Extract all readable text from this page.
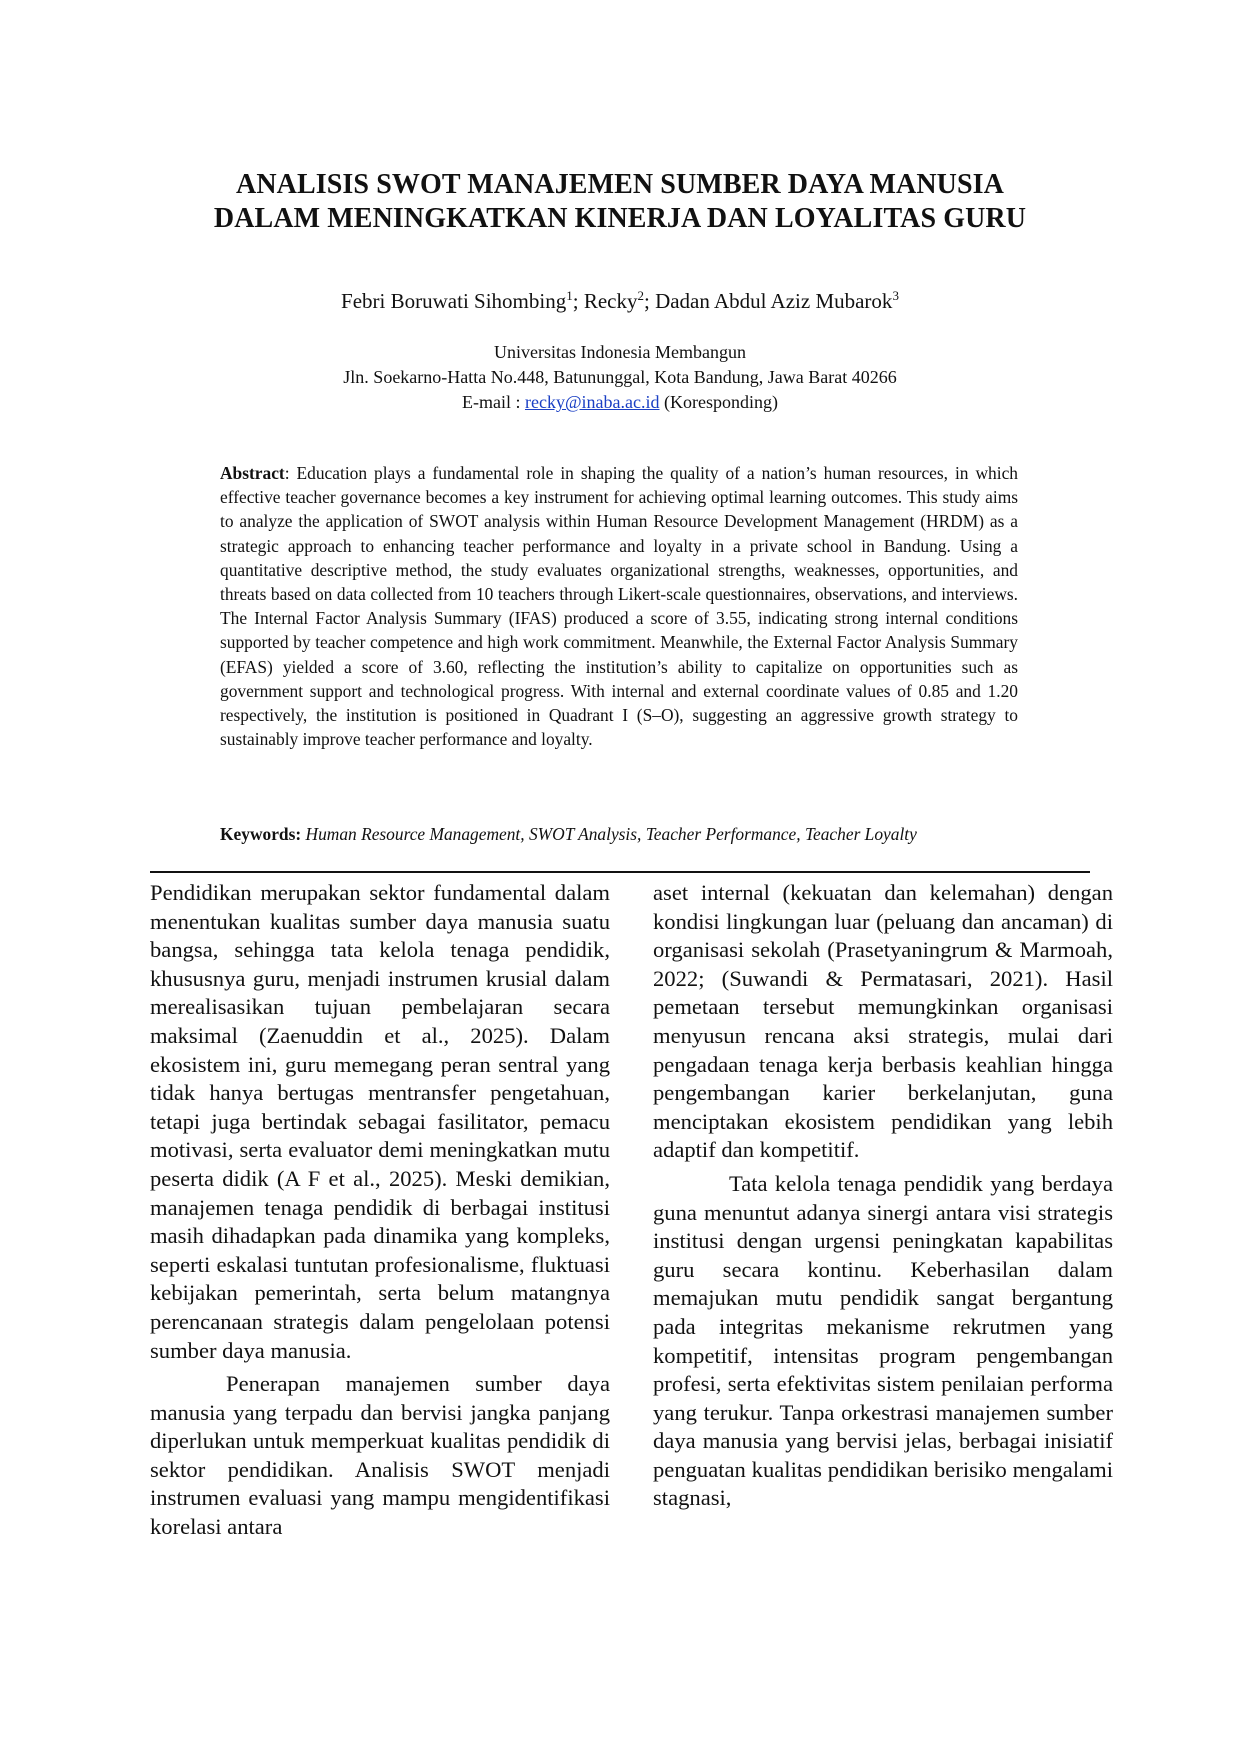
ANALISIS SWOT MANAJEMEN SUMBER DAYA MANUSIA
DALAM MENINGKATKAN KINERJA DAN LOYALITAS GURU
Febri Boruwati Sihombing$^1$; Recky$^2$; Dadan Abdul Aziz Mubarok$^3$
Universitas Indonesia Membangun
Jln. Soekarno-Hatta No.448, Batununggal, Kota Bandung, Jawa Barat 40266
E-mail : recky@inaba.ac.id (Koresponding)
Abstract: Education plays a fundamental role in shaping the quality of a nation’s human resources, in which effective teacher governance becomes a key instrument for achieving optimal learning outcomes. This study aims to analyze the application of SWOT analysis within Human Resource Development Management (HRDM) as a strategic approach to enhancing teacher performance and loyalty in a private school in Bandung. Using a quantitative descriptive method, the study evaluates organizational strengths, weaknesses, opportunities, and threats based on data collected from 10 teachers through Likert-scale questionnaires, observations, and interviews. The Internal Factor Analysis Summary (IFAS) produced a score of 3.55, indicating strong internal conditions supported by teacher competence and high work commitment. Meanwhile, the External Factor Analysis Summary (EFAS) yielded a score of 3.60, reflecting the institution’s ability to capitalize on opportunities such as government support and technological progress. With internal and external coordinate values of 0.85 and 1.20 respectively, the institution is positioned in Quadrant I (S–O), suggesting an aggressive growth strategy to sustainably improve teacher performance and loyalty.
Keywords: Human Resource Management, SWOT Analysis, Teacher Performance, Teacher Loyalty

Pendidikan merupakan sektor fundamental dalam menentukan kualitas sumber daya manusia suatu bangsa, sehingga tata kelola tenaga pendidik, khususnya guru, menjadi instrumen krusial dalam merealisasikan tujuan pembelajaran secara maksimal (Zaenuddin et al., 2025). Dalam ekosistem ini, guru memegang peran sentral yang tidak hanya bertugas mentransfer pengetahuan, tetapi juga bertindak sebagai fasilitator, pemacu motivasi, serta evaluator demi meningkatkan mutu peserta didik (A F et al., 2025). Meski demikian, manajemen tenaga pendidik di berbagai institusi masih dihadapkan pada dinamika yang kompleks, seperti eskalasi tuntutan profesionalisme, fluktuasi kebijakan pemerintah, serta belum matangnya perencanaan strategis dalam pengelolaan potensi sumber daya manusia.

Penerapan manajemen sumber daya manusia yang terpadu dan bervisi jangka panjang diperlukan untuk memperkuat kualitas pendidik di sektor pendidikan. Analisis SWOT menjadi instrumen evaluasi yang mampu mengidentifikasi korelasi antara

aset internal (kekuatan dan kelemahan) dengan kondisi lingkungan luar (peluang dan ancaman) di organisasi sekolah (Prasetyaningrum & Marmoah, 2022; (Suwandi & Permatasari, 2021). Hasil pemetaan tersebut memungkinkan organisasi menyusun rencana aksi strategis, mulai dari pengadaan tenaga kerja berbasis keahlian hingga pengembangan karier berkelanjutan, guna menciptakan ekosistem pendidikan yang lebih adaptif dan kompetitif.

Tata kelola tenaga pendidik yang berdaya guna menuntut adanya sinergi antara visi strategis institusi dengan urgensi peningkatan kapabilitas guru secara kontinu. Keberhasilan dalam memajukan mutu pendidik sangat bergantung pada integritas mekanisme rekrutmen yang kompetitif, intensitas program pengembangan profesi, serta efektivitas sistem penilaian performa yang terukur. Tanpa orkestrasi manajemen sumber daya manusia yang bervisi jelas, berbagai inisiatif penguatan kualitas pendidikan berisiko mengalami stagnasi,
